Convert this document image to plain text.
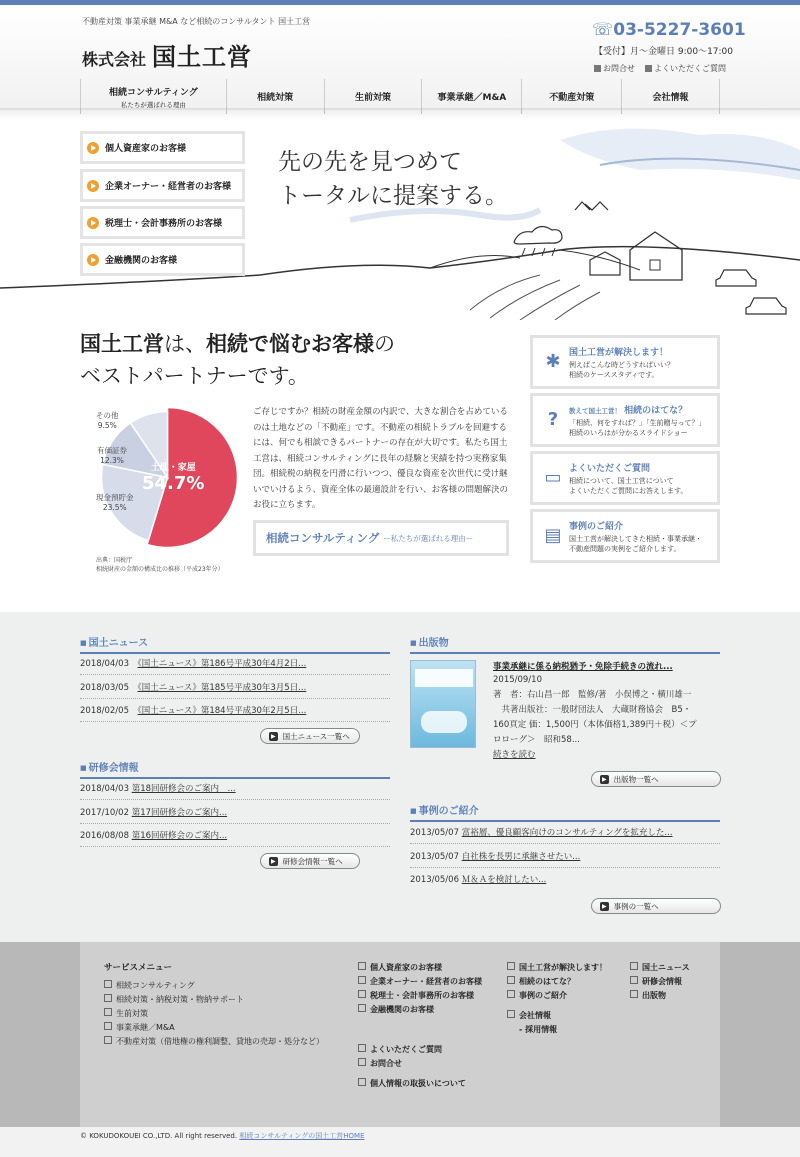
不動産対策 事業承継 M&A など相続のコンサルタント 国土工営
株式会社 国土工営
☏03-5227-3601
【受付】月〜金曜日 9:00〜17:00
お問合せ	よくいただくご質問
相続コンサルティング
私たちが選ばれる理由
相続対策	生前対策	事業承継／M&A	不動産対策	会社情報
個人資産家のお客様
企業オーナー・経営者のお客様
税理士・会計事務所のお客様
金融機関のお客様
先の先を見つめて
トータルに提案する。
国土工営は、相続で悩むお客様の
ベストパートナーです。
土地・家屋
54.7%
現金預貯金
23.5%
有価証券
12.3%
その他
9.5%
出典：国税庁
相続財産の金額の構成比の推移（平成23年分）
ご存じですか？相続の財産金額の内訳で、大きな割合を占めているのは土地などの「不動産」です。不動産の相続トラブルを回避するには、何でも相談できるパートナーの存在が大切です。私たち国土工営は、相続コンサルティングに長年の経験と実績を持つ実務家集団。相続税の納税を円滑に行いつつ、優良な資産を次世代に受け継いでいけるよう、資産全体の最適設計を行い、お客様の問題解決のお役に立ちます。
相続コンサルティング ー私たちが選ばれる理由ー
✱ 国土工営が解決します！
例えばこんな時どうすればいい？
相続のケーススタディです。
?	教えて国土工営！ 相続のはてな？
「相続、何をすれば？」「生前贈与って？」
相続のいろはが分かるスライドショー
▭ よくいただくご質問
相続について、国土工営について
よくいただくご質問にお答えします。
▤ 事例のご紹介
国土工営が解決してきた相続・事業承継・
不動産問題の実例をご紹介します。
■ 国土ニュース
2018/04/03　 《国土ニュース》第186号平成30年4月2日...
2018/03/05　 《国土ニュース》第185号平成30年3月5日...
2018/02/05　 《国土ニュース》第184号平成30年2月5日...
▶ 国土ニュース一覧へ
■ 研修会情報
2018/04/03 第18回研修会のご案内　...
2017/10/02 第17回研修会のご案内...
2016/08/08 第16回研修会のご案内...
▶ 研修会情報一覧へ
■ 出版物
事業承継に係る納税猶予・免除手続きの流れ...
2015/09/10
著　者：右山昌一郎　監修/著　小俣博之・横川雄一
　共著出版社：一般財団法人　大蔵財務協会　B5・
160頁定 価：1,500円（本体価格1,389円＋税）＜プ
ロローグ＞　昭和58...
続きを読む
▶ 出版物一覧へ
■ 事例のご紹介
2013/05/07 富裕層、優良顧客向けのコンサルティングを拡充した...
2013/05/07 自社株を長男に承継させたい...
2013/05/06 Ｍ＆Ａを検討したい...
▶ 事例の一覧へ
サービスメニュー
相続コンサルティング
相続対策・納税対策・物納サポート
生前対策
事業承継／M&A
不動産対策（借地権の権利調整、貸地の売却・処分など）
個人資産家のお客様
企業オーナー・経営者のお客様
税理士・会計事務所のお客様
金融機関のお客様
よくいただくご質問
お問合せ
個人情報の取扱いについて
国土工営が解決します！
相続のはてな？
事例のご紹介
会社情報
- 採用情報
国土ニュース
研修会情報
出版物
© KOKUDOKOUEI CO.,LTD. All right reserved. 相続コンサルティングの国土工営HOME
